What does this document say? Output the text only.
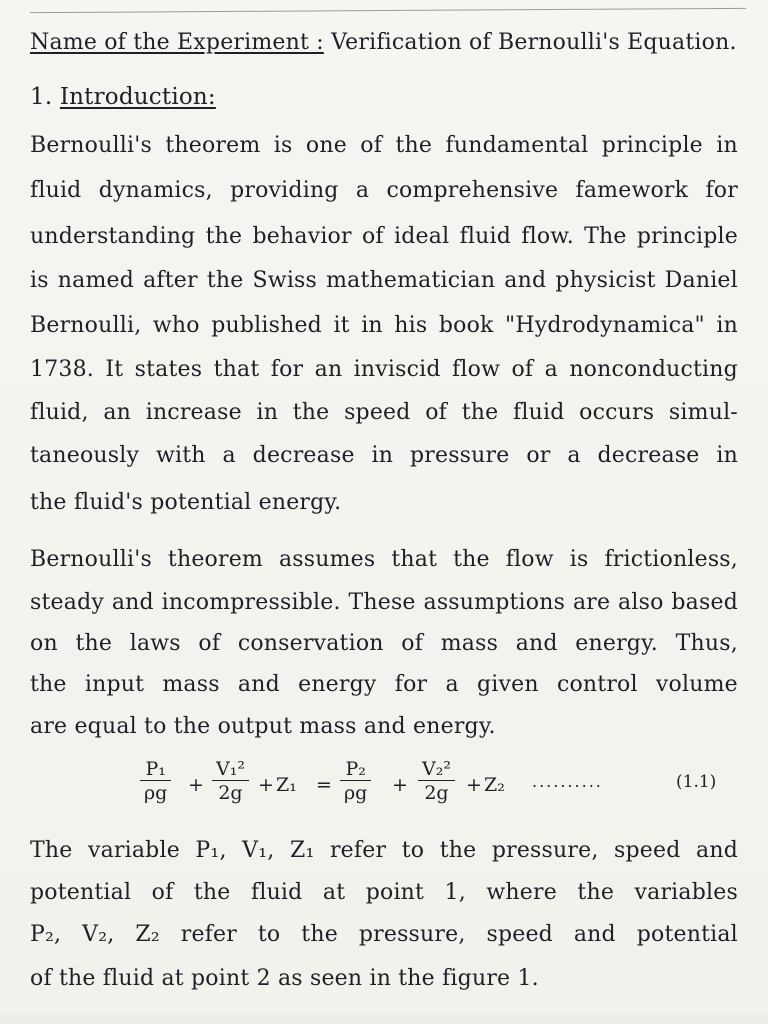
Name of the Experiment : Verification of Bernoulli's Equation.
1. Introduction:
Bernoulli's theorem is one of the fundamental principle in
fluid dynamics, providing a comprehensive famework for
understanding the behavior of ideal fluid flow. The principle
is named after the Swiss mathematician and physicist Daniel
Bernoulli, who published it in his book "Hydrodynamica" in
1738. It states that for an inviscid flow of a nonconducting
fluid, an increase in the speed of the fluid occurs simul-
taneously with a decrease in pressure or a decrease in
the fluid's potential energy.
Bernoulli's theorem assumes that the flow is frictionless,
steady and incompressible. These assumptions are also based
on the laws of conservation of mass and energy. Thus,
the input mass and energy for a given control volume
are equal to the output mass and energy.
P₁
ρg +
V₁²
2g + Z₁ =
P₂
ρg +
V₂²
2g + Z₂ ..........	(1.1)
The variable P₁, V₁, Z₁ refer to the pressure, speed and
potential of the fluid at point 1, where the variables
P₂, V₂, Z₂ refer to the pressure, speed and potential
of the fluid at point 2 as seen in the figure 1.
